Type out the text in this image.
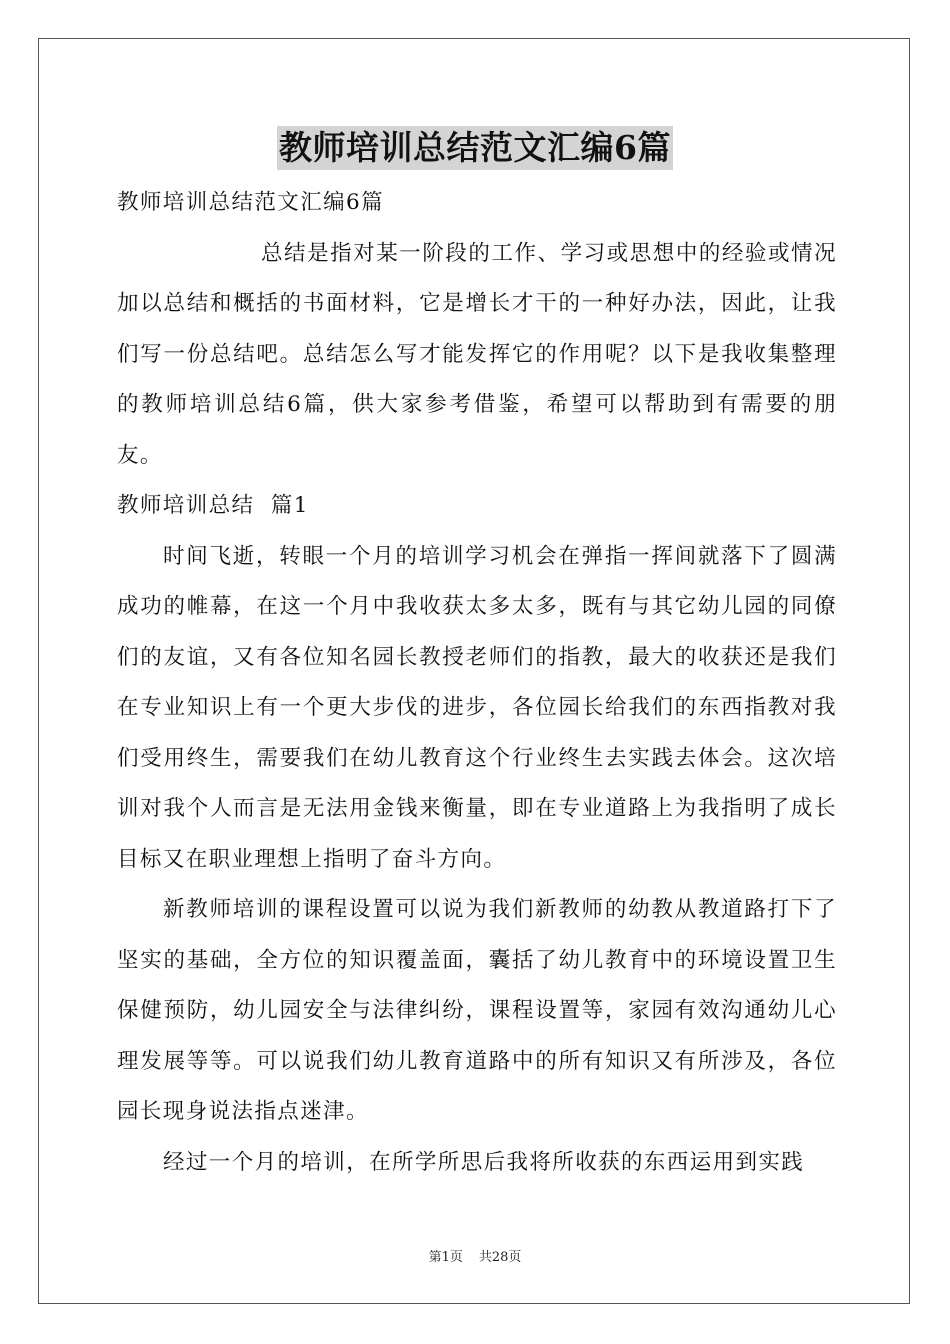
教师培训总结范文汇编6篇

教师培训总结范文汇编6篇

总结是指对某一阶段的工作、学习或思想中的经验或情况加以总结和概括的书面材料，它是增长才干的一种好办法，因此，让我们写一份总结吧。总结怎么写才能发挥它的作用呢？以下是我收集整理的教师培训总结6篇，供大家参考借鉴，希望可以帮助到有需要的朋友。

教师培训总结  篇1

时间飞逝，转眼一个月的培训学习机会在弹指一挥间就落下了圆满成功的帷幕，在这一个月中我收获太多太多，既有与其它幼儿园的同僚们的友谊，又有各位知名园长教授老师们的指教，最大的收获还是我们在专业知识上有一个更大步伐的进步，各位园长给我们的东西指教对我们受用终生，需要我们在幼儿教育这个行业终生去实践去体会。这次培训对我个人而言是无法用金钱来衡量，即在专业道路上为我指明了成长目标又在职业理想上指明了奋斗方向。

新教师培训的课程设置可以说为我们新教师的幼教从教道路打下了坚实的基础，全方位的知识覆盖面，囊括了幼儿教育中的环境设置卫生保健预防，幼儿园安全与法律纠纷，课程设置等，家园有效沟通幼儿心理发展等等。可以说我们幼儿教育道路中的所有知识又有所涉及，各位园长现身说法指点迷津。

经过一个月的培训，在所学所思后我将所收获的东西运用到实践

第1页 共28页
